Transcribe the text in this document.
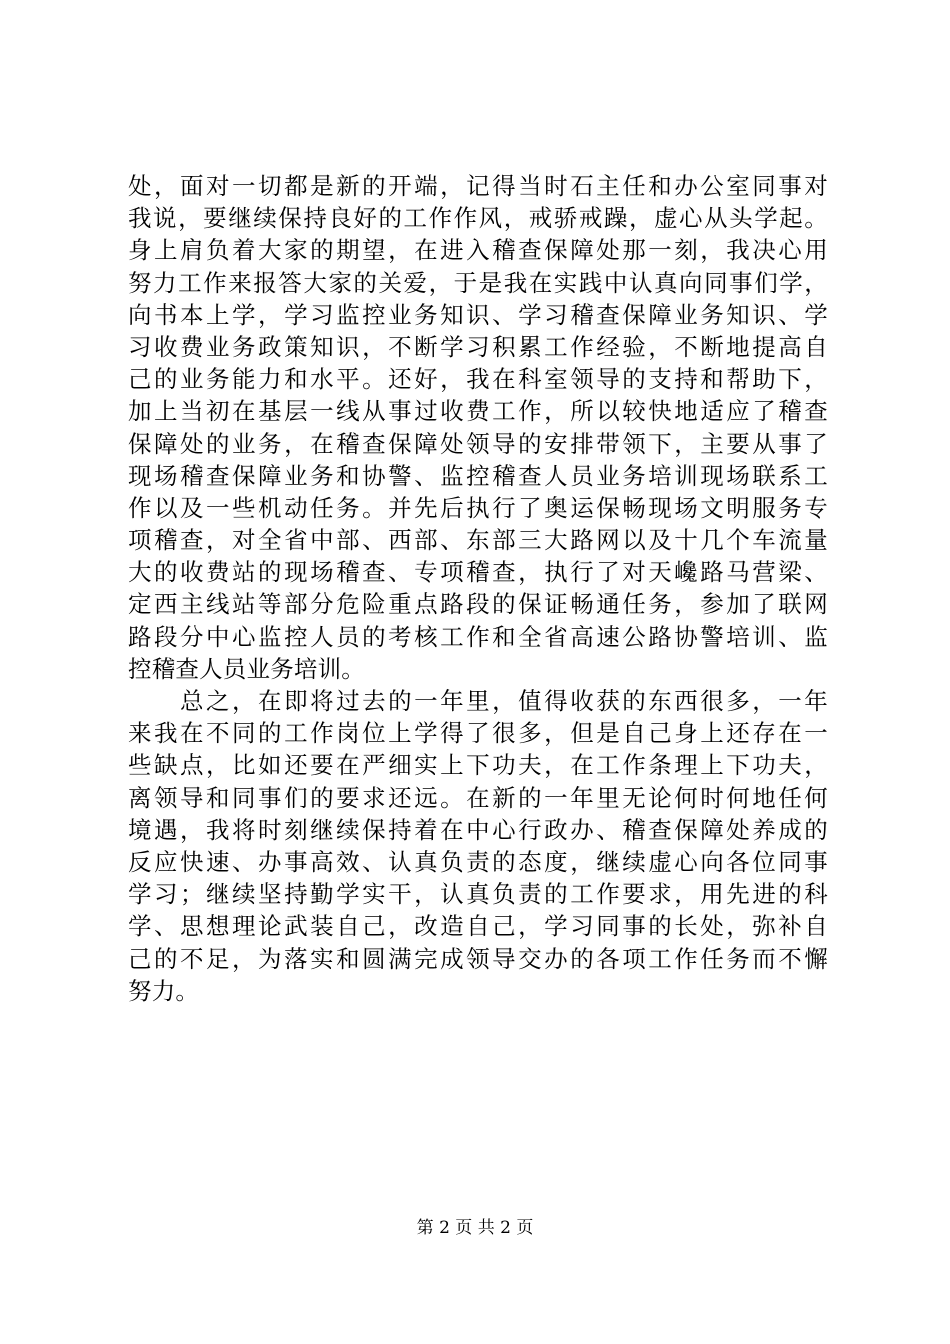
处，面对一切都是新的开端，记得当时石主任和办公室同事对
我说，要继续保持良好的工作作风，戒骄戒躁，虚心从头学起。
身上肩负着大家的期望，在进入稽查保障处那一刻，我决心用
努力工作来报答大家的关爱，于是我在实践中认真向同事们学，
向书本上学，学习监控业务知识、学习稽查保障业务知识、学
习收费业务政策知识，不断学习积累工作经验，不断地提高自
己的业务能力和水平。还好，我在科室领导的支持和帮助下，
加上当初在基层一线从事过收费工作，所以较快地适应了稽查
保障处的业务，在稽查保障处领导的安排带领下，主要从事了
现场稽查保障业务和协警、监控稽查人员业务培训现场联系工
作以及一些机动任务。并先后执行了奥运保畅现场文明服务专
项稽查，对全省中部、西部、东部三大路网以及十几个车流量
大的收费站的现场稽查、专项稽查，执行了对天巉路马营梁、
定西主线站等部分危险重点路段的保证畅通任务，参加了联网
路段分中心监控人员的考核工作和全省高速公路协警培训、监
控稽查人员业务培训。
　　总之，在即将过去的一年里，值得收获的东西很多，一年
来我在不同的工作岗位上学得了很多，但是自己身上还存在一
些缺点，比如还要在严细实上下功夫，在工作条理上下功夫，
离领导和同事们的要求还远。在新的一年里无论何时何地任何
境遇，我将时刻继续保持着在中心行政办、稽查保障处养成的
反应快速、办事高效、认真负责的态度，继续虚心向各位同事
学习；继续坚持勤学实干，认真负责的工作要求，用先进的科
学、思想理论武装自己，改造自己，学习同事的长处，弥补自
己的不足，为落实和圆满完成领导交办的各项工作任务而不懈
努力。
第 2 页 共 2 页
